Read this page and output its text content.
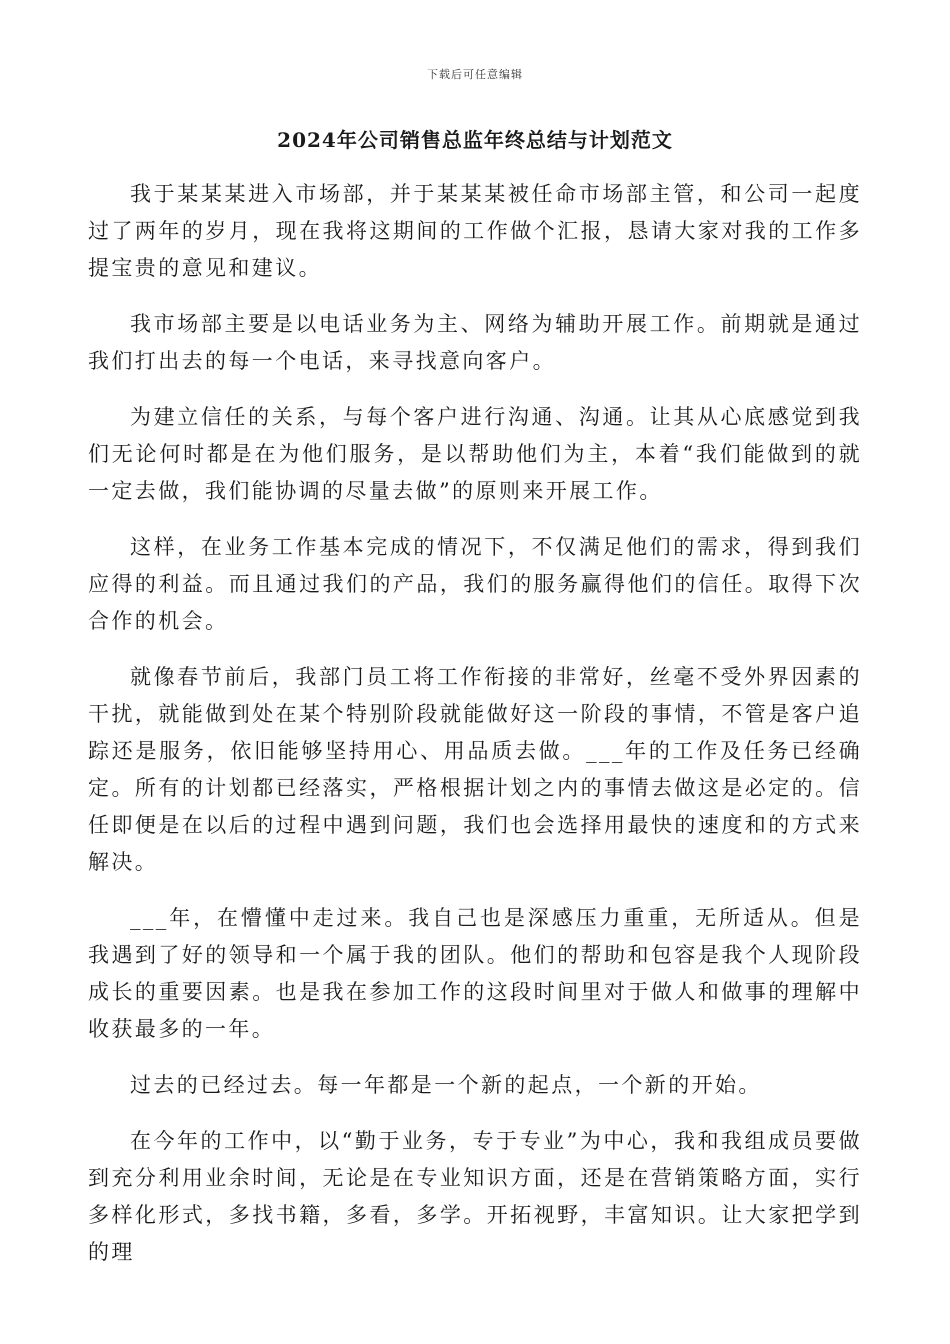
下载后可任意编辑
2024年公司销售总监年终总结与计划范文

我于某某某进入市场部，并于某某某被任命市场部主管，和公司一起度过了两年的岁月，现在我将这期间的工作做个汇报，恳请大家对我的工作多提宝贵的意见和建议。

我市场部主要是以电话业务为主、网络为辅助开展工作。前期就是通过我们打出去的每一个电话，来寻找意向客户。

为建立信任的关系，与每个客户进行沟通、沟通。让其从心底感觉到我们无论何时都是在为他们服务，是以帮助他们为主，本着“我们能做到的就一定去做，我们能协调的尽量去做”的原则来开展工作。

这样，在业务工作基本完成的情况下，不仅满足他们的需求，得到我们应得的利益。而且通过我们的产品，我们的服务赢得他们的信任。取得下次合作的机会。

就像春节前后，我部门员工将工作衔接的非常好，丝毫不受外界因素的干扰，就能做到处在某个特别阶段就能做好这一阶段的事情，不管是客户追踪还是服务，依旧能够坚持用心、用品质去做。___年的工作及任务已经确定。所有的计划都已经落实，严格根据计划之内的事情去做这是必定的。信任即便是在以后的过程中遇到问题，我们也会选择用最快的速度和的方式来解决。

___年，在懵懂中走过来。我自己也是深感压力重重，无所适从。但是我遇到了好的领导和一个属于我的团队。他们的帮助和包容是我个人现阶段成长的重要因素。也是我在参加工作的这段时间里对于做人和做事的理解中收获最多的一年。

过去的已经过去。每一年都是一个新的起点，一个新的开始。

在今年的工作中，以“勤于业务，专于专业”为中心，我和我组成员要做到充分利用业余时间，无论是在专业知识方面，还是在营销策略方面，实行多样化形式，多找书籍，多看，多学。开拓视野，丰富知识。让大家把学到的理
